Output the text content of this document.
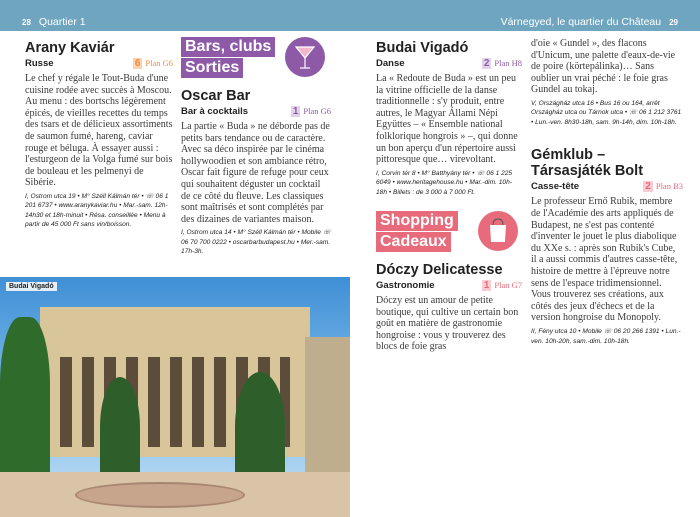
28 Quartier 1	Várnegyed, le quartier du Château 29
Arany Kaviár
Russe	6 Plan G6

Le chef y régale le Tout-Buda d'une cuisine rodée avec succès à Moscou. Au menu : des bortschs légèrement épicés, de vieilles recettes du temps des tsars et de délicieux assortiments de saumon fumé, hareng, caviar rouge et béluga. À essayer aussi : l'esturgeon de la Volga fumé sur bois de bouleau et les pelmenyi de Sibérie.

I, Ostrom utca 19 • M° Széll Kálmán tér • ☏ 06 1 201 6737 • www.aranykaviar.hu • Mar.-sam. 12h-14h30 et 18h-minuit • Résa. conseillée • Menu à partir de 45 000 Ft sans vin/boisson.

Bars, clubs
Sorties
Oscar Bar
Bar à cocktails	1 Plan G6

La partie « Buda » ne déborde pas de petits bars tendance ou de caractère. Avec sa déco inspirée par le cinéma hollywoodien et son ambiance rétro, Oscar fait figure de refuge pour ceux qui souhaitent déguster un cocktail de ce côté du fleuve. Les classiques sont maîtrisés et sont complétés par des dizaines de variantes maison.

I, Ostrom utca 14 • M° Széll Kálmán tér • Mobile ☏ 06 70 700 0222 • oscarbarbudapest.hu • Mer.-sam. 17h-3h.

Budai Vigadó
Budai Vigadó
Danse	2 Plan H8

La « Redoute de Buda » est un peu la vitrine officielle de la danse traditionnelle : s'y produit, entre autres, le Magyar Állami Népi Együttes – « Ensemble national folklorique hongrois » –, qui donne un bon aperçu d'un répertoire aussi pittoresque que… virevoltant.

I, Corvin tér 8 • M° Batthyány tér • ☏ 06 1 225 6049 • www.heritagehouse.hu • Mar.-dim. 10h-18h • Billets : de 3 000 à 7 000 Ft.

Shopping
Cadeaux
Dóczy Delicatesse
Gastronomie	1 Plan G7

Dóczy est un amour de petite boutique, qui cultive un certain bon goût en matière de gastronomie hongroise : vous y trouverez des blocs de foie gras

d'oie « Gundel », des flacons d'Unicum, une palette d'eaux-de-vie de poire (körtepálinka)… Sans oublier un vrai péché : le foie gras Gundel au tokaj.

V, Országház utca 16 • Bus 16 ou 164, arrêt Országház utca ou Tárnok utca • ☏ 06 1 212 3761 • Lun.-ven. 8h30-18h, sam. 9h-14h, dim. 10h-18h.

Gémklub – Társasjáték Bolt
Casse-tête	2 Plan B3

Le professeur Ernő Rubik, membre de l'Académie des arts appliqués de Budapest, ne s'est pas contenté d'inventer le jouet le plus diabolique du XXe s. : après son Rubik's Cube, il a aussi commis d'autres casse-tête, histoire de mettre à l'épreuve notre sens de l'espace tridimensionnel. Vous trouverez ses créations, aux côtés des jeux d'échecs et de la version hongroise du Monopoly.

II, Fény utca 10 • Mobile ☏ 06 20 266 1391 • Lun.-ven. 10h-20h, sam.-dim. 10h-18h.
